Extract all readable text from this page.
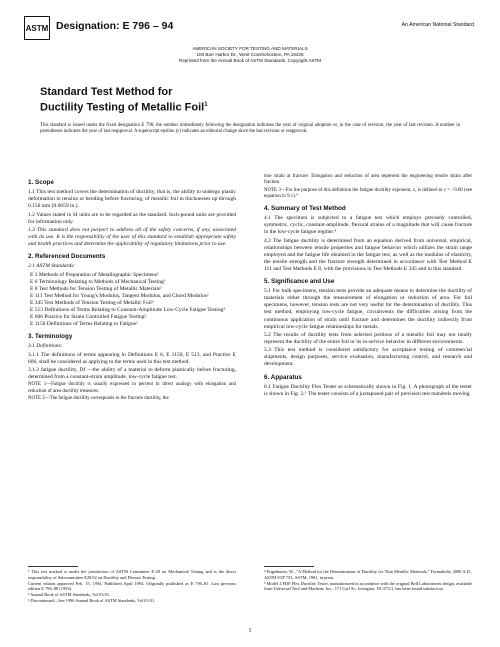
ASTM Designation: E 796 – 94	An American National Standard
AMERICAN SOCIETY FOR TESTING AND MATERIALS
100 Barr Harbor Dr., West Conshohocken, PA 19428
Reprinted from the Annual Book of ASTM Standards. Copyright ASTM
Standard Test Method for
Ductility Testing of Metallic Foil$^1$
This standard is issued under the fixed designation E 796; the number immediately following the designation indicates the year of original adoption or, in the case of revision, the year of last revision. A number in parentheses indicates the year of last reapproval. A superscript epsilon (ε) indicates an editorial change since the last revision or reapproval.
1. Scope

1.1 This test method covers the determination of ductility, that is, the ability to undergo plastic deformation in tension or bending before fracturing, of metallic foil in thicknesses up through 0.150 mm (0.0059 in.).

1.2 Values stated in SI units are to be regarded as the standard. Inch-pound units are provided for information only.

1.3 This standard does not purport to address all of the safety concerns, if any, associated with its use. It is the responsibility of the user of this standard to establish appropriate safety and health practices and determine the applicability of regulatory limitations prior to use.

2. Referenced Documents

2.1 ASTM Standards:

E 3 Methods of Preparation of Metallographic Specimens²

E 6 Terminology Relating to Methods of Mechanical Testing²

E 8 Test Methods for Tension Testing of Metallic Materials²

E 111 Test Method for Young's Modulus, Tangent Modulus, and Chord Modulus²

E 345 Test Methods of Tension Testing of Metallic Foil²

E 513 Definitions of Terms Relating to Constant-Amplitude Low-Cycle Fatigue Testing³

E 606 Practice for Strain Controlled Fatigue Testing²

E 1150 Definitions of Terms Relating to Fatigue²

3. Terminology

3.1 Definitions:

3.1.1 The definitions of terms appearing in Definitions E 6, E 1150, E 513, and Practice E 606, shall be considered as applying to the terms used in this test method.

3.1.2 fatigue ductility, Df —the ability of a material to deform plastically before fracturing, determined from a constant-strain amplitude, low-cycle fatigue test.

NOTE 1—Fatigue ductility is usually expressed in percent in direct analogy with elongation and reduction of area ductility measures.

NOTE 2—The fatigue ductility corresponds to the fracture ductility, the

¹ This test method is under the jurisdiction of ASTM Committee E-28 on Mechanical Testing and is the direct responsibility of Subcommittee E28.02 on Ductility and Flexure Testing.

Current edition approved Feb. 15, 1994. Published April 1994. Originally published as E 796–81. Last previous edition E 796–88 (1993).

² Annual Book of ASTM Standards, Vol 03.01.

³ Discontinued—See 1996 Annual Book of ASTM Standards, Vol 03.01.

true strain at fracture. Elongation and reduction of area represent the engineering tensile strain after fracture.

NOTE 3—For the purpose of this definition the fatigue ductility exponent, c, is defined as c = −0.60 (see equation in 9.1).⁴

4. Summary of Test Method

4.1 The specimen is subjected to a fatigue test which employs precisely controlled, symmetric, cyclic, constant-amplitude, flexural strains of a magnitude that will cause fracture in the low-cycle fatigue regime.⁴

4.2 The fatigue ductility is determined from an equation derived from universal, empirical, relationships between tensile properties and fatigue behavior which utilizes the strain range employed and the fatigue life obtained in the fatigue test, as well as the modulus of elasticity, the tensile strength and the fracture strength determined in accordance with Test Method E 111 and Test Methods E 8, with the provisions in Test Methods E 345 and in this standard.

5. Significance and Use

5.1 For bulk specimens, tension tests provide an adequate means to determine the ductility of materials either through the measurement of elongation or reduction of area. For foil specimens, however, tension tests are not very useful for the determination of ductility. This test method, employing low-cycle fatigue, circumvents the difficulties arising from the continuous application of strain until fracture and determines the ductility indirectly from empirical low-cycle fatigue relationships for metals.

5.2 The results of ductility tests from selected portions of a metallic foil may not totally represent the ductility of the entire foil or its in-service behavior in different environments.

5.3 This test method is considered satisfactory for acceptance testing of commercial shipments, design purposes, service evaluation, manufacturing control, and research and development.

6. Apparatus

6.1 Fatigue Ductility Flex Tester as schematically shown in Fig. 1. A photograph of the tester is shown in Fig. 2.⁵ The tester consists of a juxtaposed pair of precision test mandrels moving

⁴ Engelmaier, W., "A Method for the Determination of Ductility for Thin Metallic Materials," Formability 2000 A.D., ASTM STP 753, ASTM, 1981, in press.

⁵ Model 2 FDF Flex Ductility Tester, manufactured in accordance with the original Bell Laboratories design, available from Universal Tool and Machine, Inc., 171 Carl St., Irvington, NJ 07111, has been found satisfactory.

1
